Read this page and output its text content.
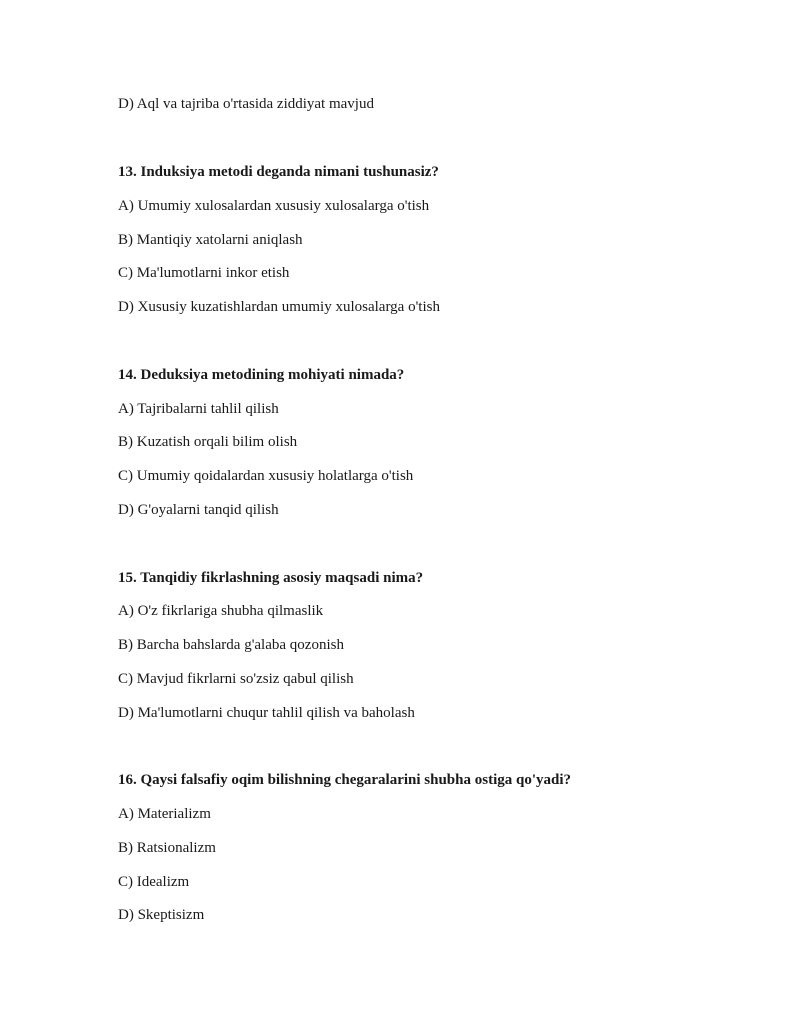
D) Aql va tajriba o'rtasida ziddiyat mavjud
13. Induksiya metodi deganda nimani tushunasiz?
A) Umumiy xulosalardan xususiy xulosalarga o'tish
B) Mantiqiy xatolarni aniqlash
C) Ma'lumotlarni inkor etish
D) Xususiy kuzatishlardan umumiy xulosalarga o'tish
14. Deduksiya metodining mohiyati nimada?
A) Tajribalarni tahlil qilish
B) Kuzatish orqali bilim olish
C) Umumiy qoidalardan xususiy holatlarga o'tish
D) G'oyalarni tanqid qilish
15. Tanqidiy fikrlashning asosiy maqsadi nima?
A) O'z fikrlariga shubha qilmaslik
B) Barcha bahslarda g'alaba qozonish
C) Mavjud fikrlarni so'zsiz qabul qilish
D) Ma'lumotlarni chuqur tahlil qilish va baholash
16. Qaysi falsafiy oqim bilishning chegaralarini shubha ostiga qo'yadi?
A) Materializm
B) Ratsionalizm
C) Idealizm
D) Skeptisizm
